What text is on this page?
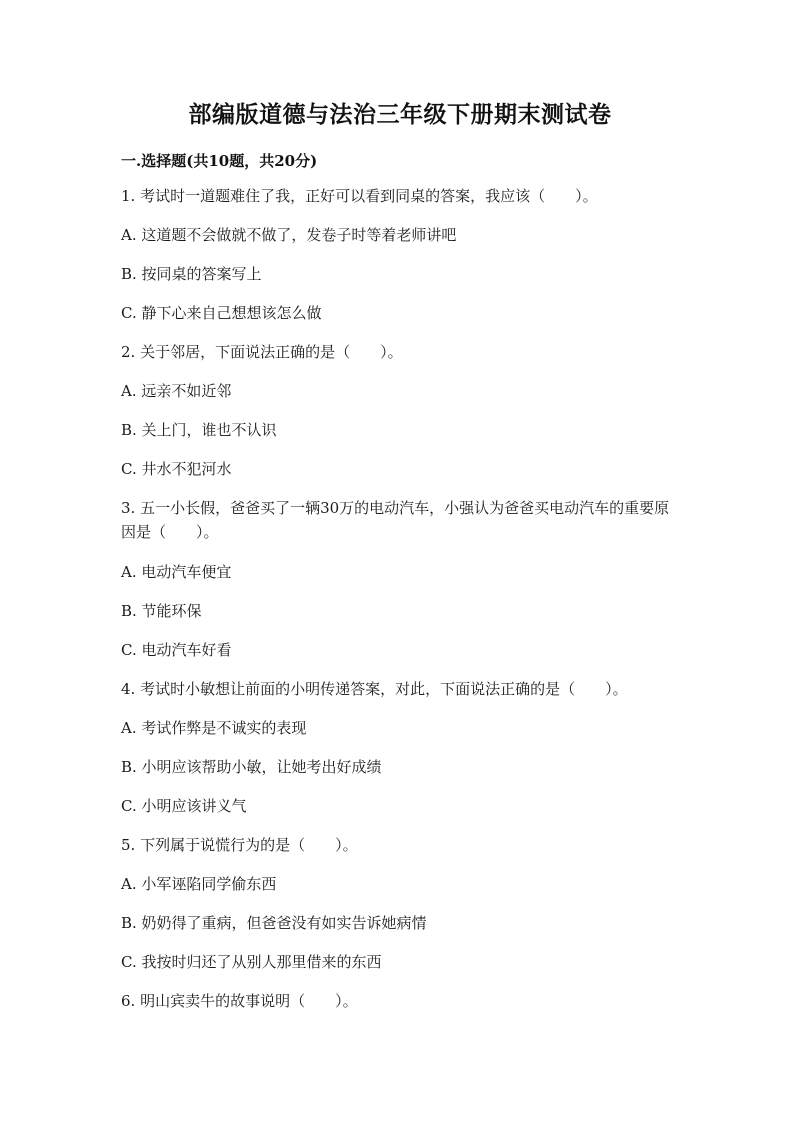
部编版道德与法治三年级下册期末测试卷
一.选择题(共10题，共20分)
1. 考试时一道题难住了我，正好可以看到同桌的答案，我应该（　　）。
A. 这道题不会做就不做了，发卷子时等着老师讲吧
B. 按同桌的答案写上
C. 静下心来自己想想该怎么做
2. 关于邻居，下面说法正确的是（　　）。
A. 远亲不如近邻
B. 关上门，谁也不认识
C. 井水不犯河水
3. 五一小长假，爸爸买了一辆30万的电动汽车，小强认为爸爸买电动汽车的重要原因是（　　）。
A. 电动汽车便宜
B. 节能环保
C. 电动汽车好看
4. 考试时小敏想让前面的小明传递答案，对此，下面说法正确的是（　　）。
A. 考试作弊是不诚实的表现
B. 小明应该帮助小敏，让她考出好成绩
C. 小明应该讲义气
5. 下列属于说慌行为的是（　　）。
A. 小军诬陷同学偷东西
B. 奶奶得了重病，但爸爸没有如实告诉她病情
C. 我按时归还了从别人那里借来的东西
6. 明山宾卖牛的故事说明（　　）。
